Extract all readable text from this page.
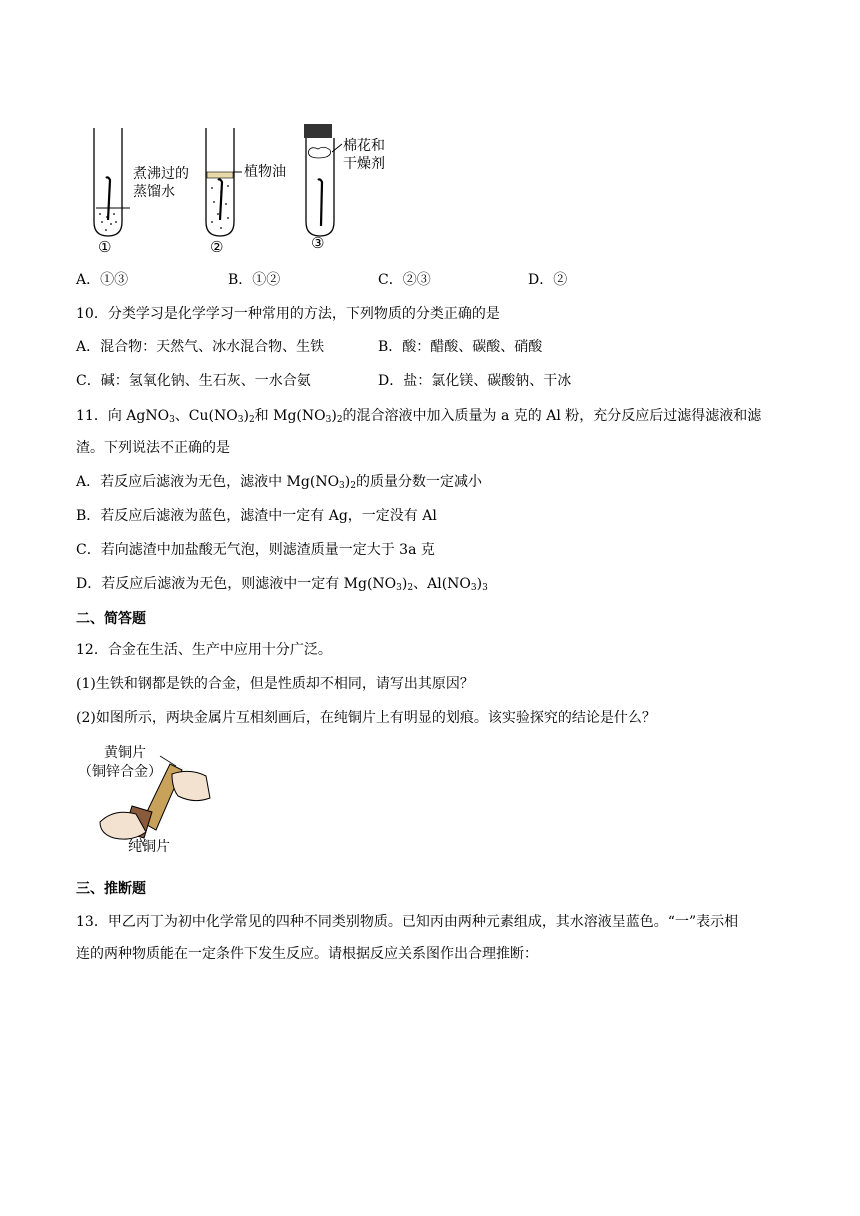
煮沸过的
蒸馏水
植物油
棉花和
干燥剂
①	②	③
A．①③	B．①②	C．②③	D．②
10．分类学习是化学学习一种常用的方法，下列物质的分类正确的是
A．混合物：天然气、冰水混合物、生铁	B．酸：醋酸、碳酸、硝酸
C．碱：氢氧化钠、生石灰、一水合氨	D．盐：氯化镁、碳酸钠、干冰
11．向 AgNO$_3$、$Cu(NO_3)_2$和 $Mg(NO_3)_2$的混合溶液中加入质量为 a 克的 Al 粉，充分反应后过滤得滤液和滤
渣。下列说法不正确的是
A．若反应后滤液为无色，滤液中 $Mg(NO_3)_2$的质量分数一定减小
B．若反应后滤液为蓝色，滤渣中一定有 Ag，一定没有 Al
C．若向滤渣中加盐酸无气泡，则滤渣质量一定大于 3a 克
D．若反应后滤液为无色，则滤液中一定有 $Mg(NO_3)_2$、$Al(NO_3)_3$
二、简答题
12．合金在生活、生产中应用十分广泛。
(1)生铁和钢都是铁的合金，但是性质却不相同，请写出其原因？
(2)如图所示，两块金属片互相刻画后，在纯铜片上有明显的划痕。该实验探究的结论是什么？
黄铜片
（铜锌合金）
纯铜片
三、推断题
13．甲乙丙丁为初中化学常见的四种不同类别物质。已知丙由两种元素组成，其水溶液呈蓝色。“一”表示相
连的两种物质能在一定条件下发生反应。请根据反应关系图作出合理推断：
